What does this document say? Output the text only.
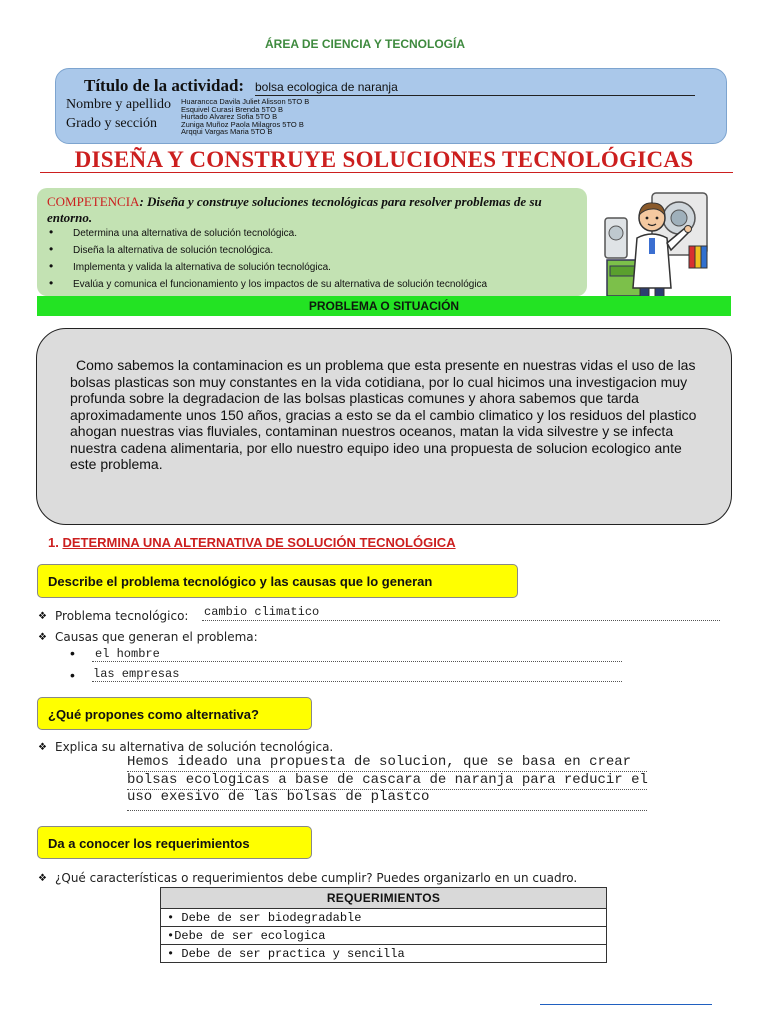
ÁREA DE CIENCIA Y TECNOLOGÍA
Título de la actividad: bolsa ecologica de naranja
Nombre y apellido
Grado y sección
Huarancca Davila Juliet Alisson 5TO B
Esquivel Curasi Brenda 5TO B
Hurtado Alvarez Sofia 5TO B
Zuniga Muñoz Paola Milagros 5TO B
Arqqui Vargas Maria 5TO B
DISEÑA Y CONSTRUYE SOLUCIONES TECNOLÓGICAS
COMPETENCIA: Diseña y construye soluciones tecnológicas para resolver problemas de su entorno.
• Determina una alternativa de solución tecnológica.
• Diseña la alternativa de solución tecnológica.
• Implementa y valida la alternativa de solución tecnológica.
• Evalúa y comunica el funcionamiento y los impactos de su alternativa de solución tecnológica
PROBLEMA O SITUACIÓN
Como sabemos la contaminacion es un problema que esta presente en nuestras vidas el uso de las bolsas plasticas son muy constantes en la vida cotidiana, por lo cual hicimos una investigacion muy profunda sobre la degradacion de las bolsas plasticas comunes y ahora sabemos que tarda aproximadamente unos 150 años, gracias a esto se da el cambio climatico y los residuos del plastico ahogan nuestras vias fluviales, contaminan nuestros oceanos, matan la vida silvestre y se infecta nuestra cadena alimentaria, por ello nuestro equipo ideo una propuesta de solucion ecologico ante este problema.
1. DETERMINA UNA ALTERNATIVA DE SOLUCIÓN TECNOLÓGICA
Describe el problema tecnológico y las causas que lo generan
❖ Problema tecnológico: cambio climatico
❖ Causas que generan el problema:
• el hombre
• las empresas
¿Qué propones como alternativa?
❖ Explica su alternativa de solución tecnológica.
Hemos ideado una propuesta de solucion, que se basa en crear
bolsas ecologicas a base de cascara de naranja para reducir el
uso exesivo de las bolsas de plastco
Da a conocer los requerimientos
❖ ¿Qué características o requerimientos debe cumplir? Puedes organizarlo en un cuadro.
REQUERIMIENTOS
• Debe de ser biodegradable
•Debe de ser ecologica
• Debe de ser practica y sencilla
